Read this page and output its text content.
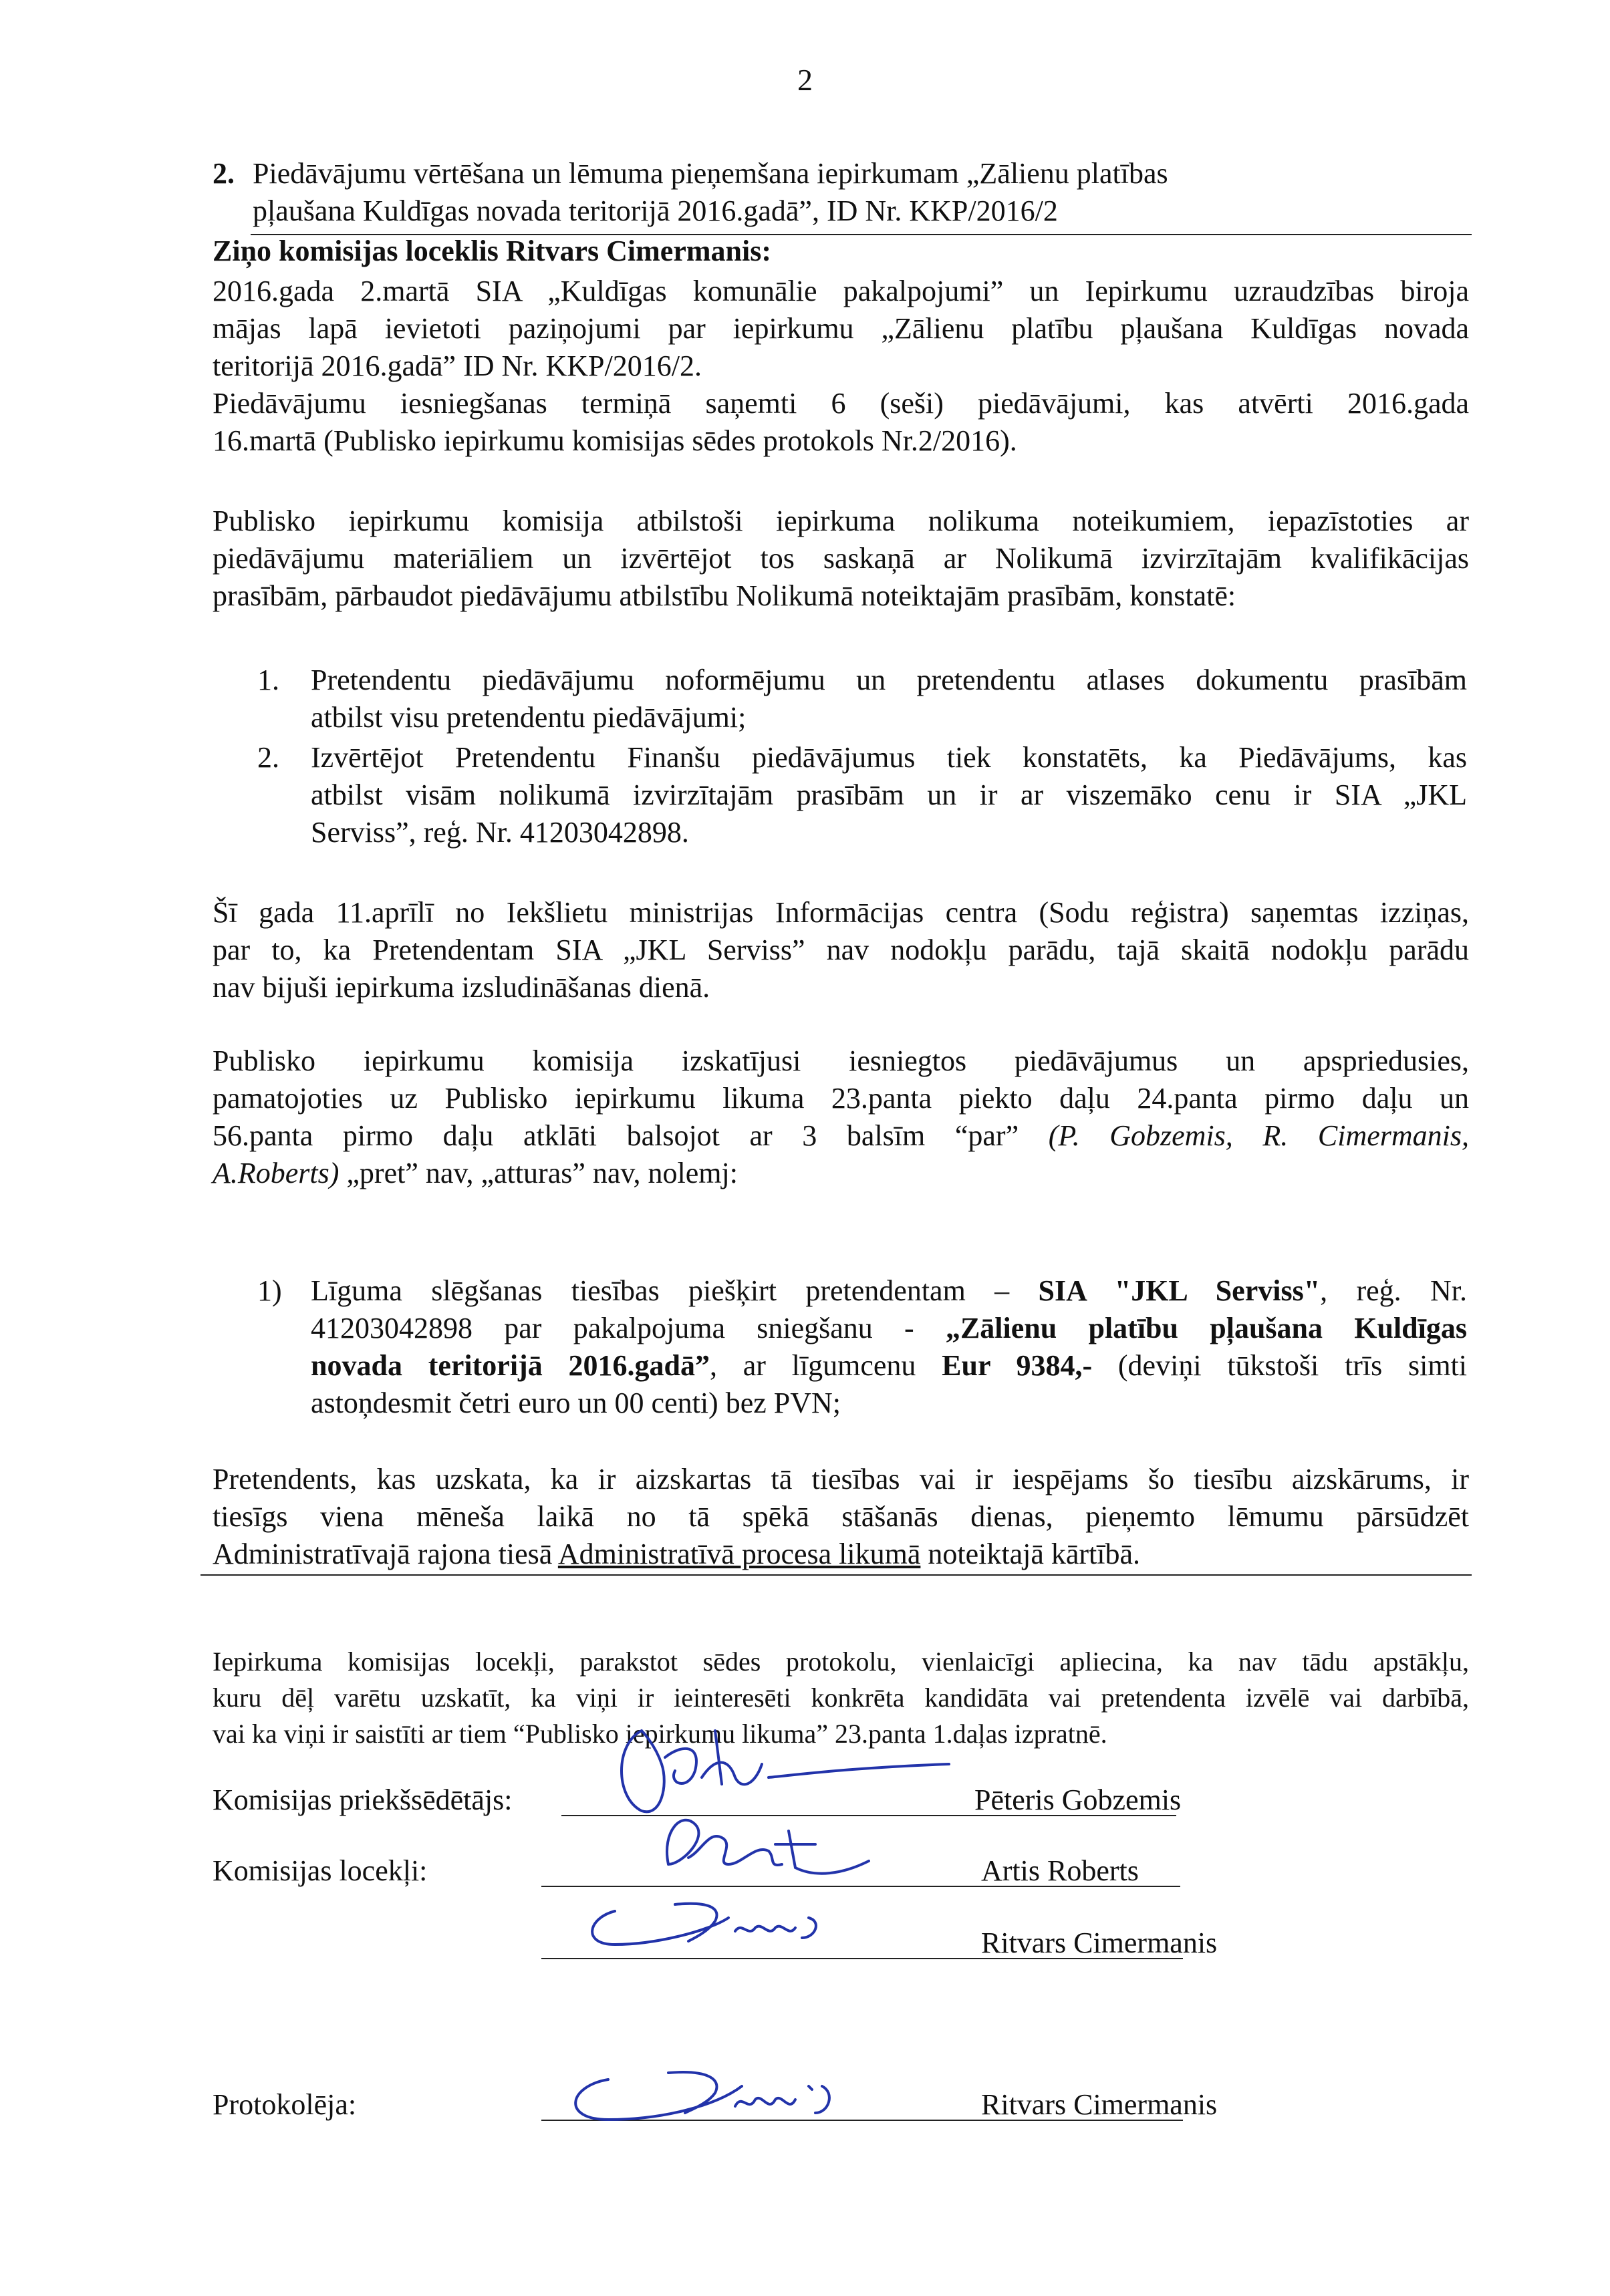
2
2. Piedāvājumu vērtēšana un lēmuma pieņemšana iepirkumam „Zālienu platības
pļaušana Kuldīgas novada teritorijā 2016.gadā”, ID Nr. KKP/2016/2
Ziņo komisijas loceklis Ritvars Cimermanis:
2016.gada 2.martā SIA „Kuldīgas komunālie pakalpojumi” un Iepirkumu uzraudzības biroja
mājas lapā ievietoti paziņojumi par iepirkumu „Zālienu platību pļaušana Kuldīgas novada
teritorijā 2016.gadā” ID Nr. KKP/2016/2.
Piedāvājumu iesniegšanas termiņā saņemti 6 (seši) piedāvājumi, kas atvērti 2016.gada
16.martā (Publisko iepirkumu komisijas sēdes protokols Nr.2/2016).
Publisko iepirkumu komisija atbilstoši iepirkuma nolikuma noteikumiem, iepazīstoties ar
piedāvājumu materiāliem un izvērtējot tos saskaņā ar Nolikumā izvirzītajām kvalifikācijas
prasībām, pārbaudot piedāvājumu atbilstību Nolikumā noteiktajām prasībām, konstatē:
1.	Pretendentu piedāvājumu noformējumu un pretendentu atlases dokumentu prasībām
atbilst visu pretendentu piedāvājumi;
2.	Izvērtējot Pretendentu Finanšu piedāvājumus tiek konstatēts, ka Piedāvājums, kas
atbilst visām nolikumā izvirzītajām prasībām un ir ar viszemāko cenu ir SIA „JKL
Serviss”, reģ. Nr. 41203042898.
Šī gada 11.aprīlī no Iekšlietu ministrijas Informācijas centra (Sodu reģistra) saņemtas izziņas,
par to, ka Pretendentam SIA „JKL Serviss” nav nodokļu parādu, tajā skaitā nodokļu parādu
nav bijuši iepirkuma izsludināšanas dienā.
Publisko iepirkumu komisija izskatījusi iesniegtos piedāvājumus un apspriedusies,
pamatojoties uz Publisko iepirkumu likuma 23.panta piekto daļu 24.panta pirmo daļu un
56.panta pirmo daļu atklāti balsojot ar 3 balsīm “par” (P. Gobzemis, R. Cimermanis,
A.Roberts) „pret” nav, „atturas” nav, nolemj:
1) Līguma slēgšanas tiesības piešķirt pretendentam – SIA "JKL Serviss", reģ. Nr.
41203042898 par pakalpojuma sniegšanu - „Zālienu platību pļaušana Kuldīgas
novada teritorijā 2016.gadā”, ar līgumcenu Eur 9384,- (deviņi tūkstoši trīs simti
astoņdesmit četri euro un 00 centi) bez PVN;
Pretendents, kas uzskata, ka ir aizskartas tā tiesības vai ir iespējams šo tiesību aizskārums, ir
tiesīgs viena mēneša laikā no tā spēkā stāšanās dienas, pieņemto lēmumu pārsūdzēt
Administratīvajā rajona tiesā Administratīvā procesa likumā noteiktajā kārtībā.
Iepirkuma komisijas locekļi, parakstot sēdes protokolu, vienlaicīgi apliecina, ka nav tādu apstākļu,
kuru dēļ varētu uzskatīt, ka viņi ir ieinteresēti konkrēta kandidāta vai pretendenta izvēlē vai darbībā,
vai ka viņi ir saistīti ar tiem “Publisko iepirkumu likuma” 23.panta 1.daļas izpratnē.
Komisijas priekšsēdētājs:	Pēteris Gobzemis
Komisijas locekļi:	Artis Roberts
Ritvars Cimermanis
Protokolēja:	Ritvars Cimermanis
